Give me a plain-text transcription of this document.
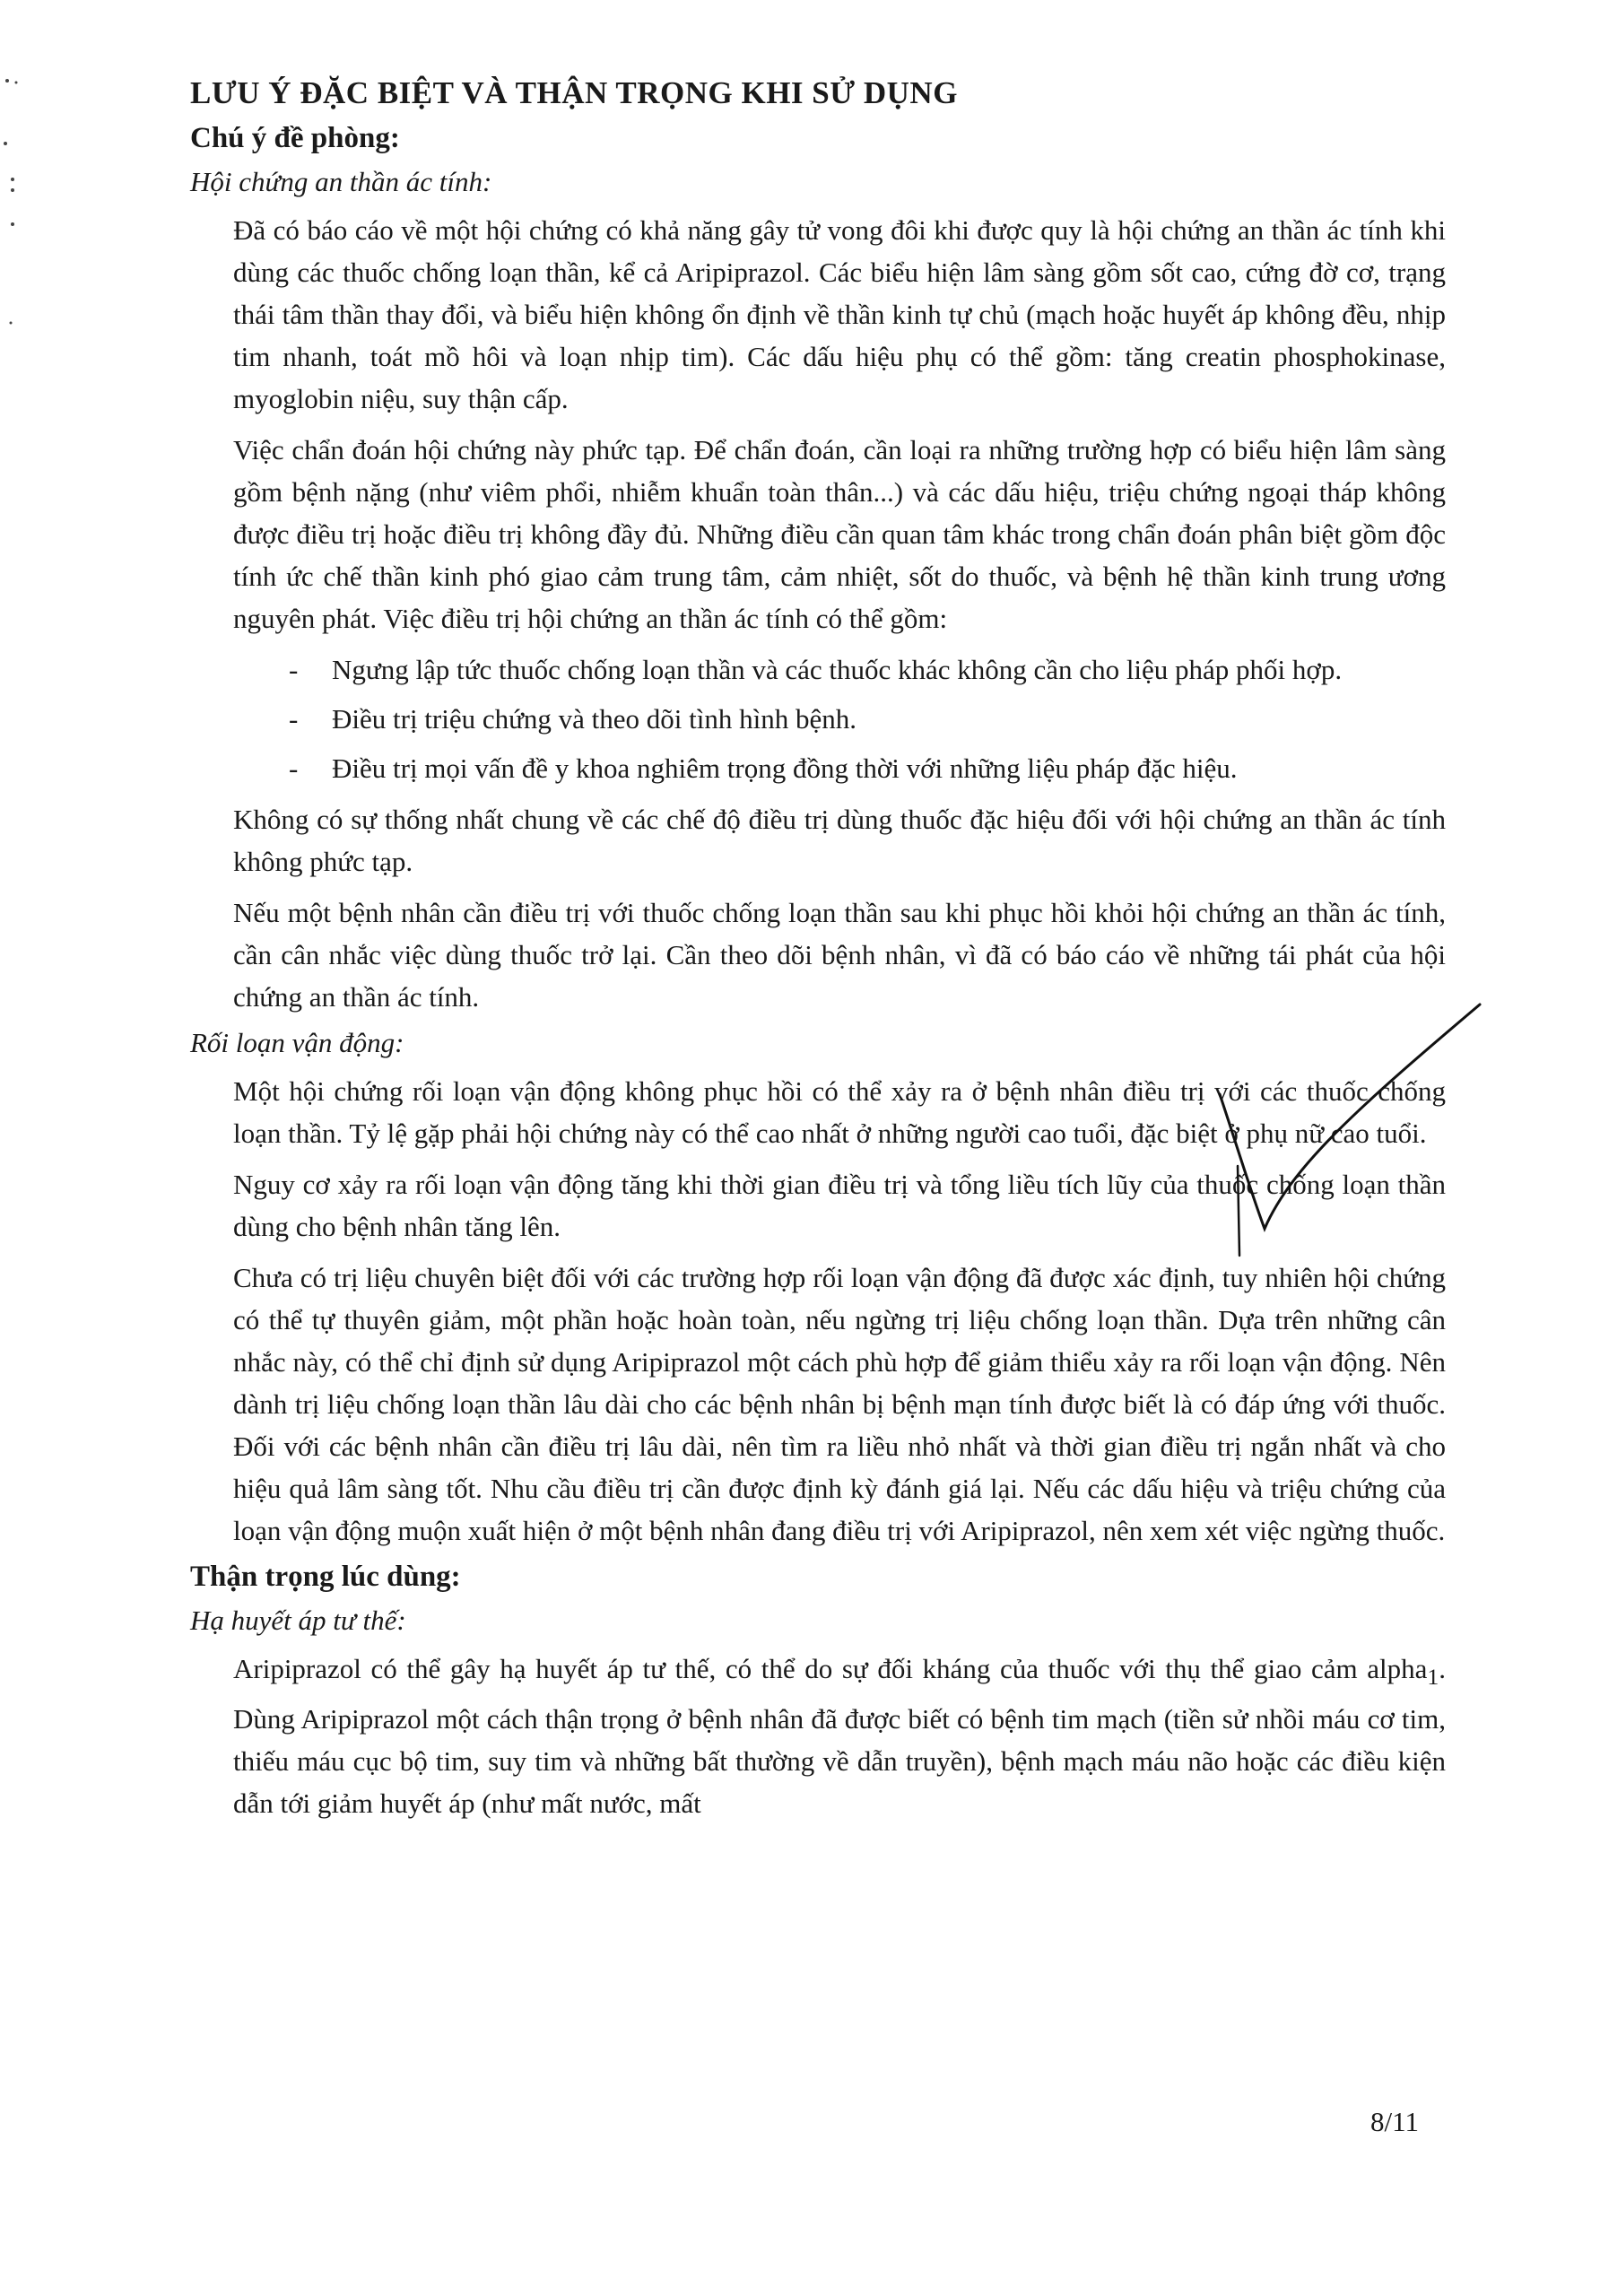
LƯU Ý ĐẶC BIỆT VÀ THẬN TRỌNG KHI SỬ DỤNG
Chú ý đề phòng:
Hội chứng an thần ác tính:

Đã có báo cáo về một hội chứng có khả năng gây tử vong đôi khi được quy là hội chứng an thần ác tính khi dùng các thuốc chống loạn thần, kể cả Aripiprazol. Các biểu hiện lâm sàng gồm sốt cao, cứng đờ cơ, trạng thái tâm thần thay đổi, và biểu hiện không ổn định về thần kinh tự chủ (mạch hoặc huyết áp không đều, nhịp tim nhanh, toát mồ hôi và loạn nhịp tim). Các dấu hiệu phụ có thể gồm: tăng creatin phosphokinase, myoglobin niệu, suy thận cấp.

Việc chẩn đoán hội chứng này phức tạp. Để chẩn đoán, cần loại ra những trường hợp có biểu hiện lâm sàng gồm bệnh nặng (như viêm phổi, nhiễm khuẩn toàn thân...) và các dấu hiệu, triệu chứng ngoại tháp không được điều trị hoặc điều trị không đầy đủ. Những điều cần quan tâm khác trong chẩn đoán phân biệt gồm độc tính ức chế thần kinh phó giao cảm trung tâm, cảm nhiệt, sốt do thuốc, và bệnh hệ thần kinh trung ương nguyên phát. Việc điều trị hội chứng an thần ác tính có thể gồm:

- Ngưng lập tức thuốc chống loạn thần và các thuốc khác không cần cho liệu pháp phối hợp.
- Điều trị triệu chứng và theo dõi tình hình bệnh.
- Điều trị mọi vấn đề y khoa nghiêm trọng đồng thời với những liệu pháp đặc hiệu.

Không có sự thống nhất chung về các chế độ điều trị dùng thuốc đặc hiệu đối với hội chứng an thần ác tính không phức tạp.

Nếu một bệnh nhân cần điều trị với thuốc chống loạn thần sau khi phục hồi khỏi hội chứng an thần ác tính, cần cân nhắc việc dùng thuốc trở lại. Cần theo dõi bệnh nhân, vì đã có báo cáo về những tái phát của hội chứng an thần ác tính.

Rối loạn vận động:

Một hội chứng rối loạn vận động không phục hồi có thể xảy ra ở bệnh nhân điều trị với các thuốc chống loạn thần. Tỷ lệ gặp phải hội chứng này có thể cao nhất ở những người cao tuổi, đặc biệt ở phụ nữ cao tuổi.

Nguy cơ xảy ra rối loạn vận động tăng khi thời gian điều trị và tổng liều tích lũy của thuốc chống loạn thần dùng cho bệnh nhân tăng lên.

Chưa có trị liệu chuyên biệt đối với các trường hợp rối loạn vận động đã được xác định, tuy nhiên hội chứng có thể tự thuyên giảm, một phần hoặc hoàn toàn, nếu ngừng trị liệu chống loạn thần. Dựa trên những cân nhắc này, có thể chỉ định sử dụng Aripiprazol một cách phù hợp để giảm thiểu xảy ra rối loạn vận động. Nên dành trị liệu chống loạn thần lâu dài cho các bệnh nhân bị bệnh mạn tính được biết là có đáp ứng với thuốc. Đối với các bệnh nhân cần điều trị lâu dài, nên tìm ra liều nhỏ nhất và thời gian điều trị ngắn nhất và cho hiệu quả lâm sàng tốt. Nhu cầu điều trị cần được định kỳ đánh giá lại. Nếu các dấu hiệu và triệu chứng của loạn vận động muộn xuất hiện ở một bệnh nhân đang điều trị với Aripiprazol, nên xem xét việc ngừng thuốc.

Thận trọng lúc dùng:
Hạ huyết áp tư thế:

Aripiprazol có thể gây hạ huyết áp tư thế, có thể do sự đối kháng của thuốc với thụ thể giao cảm alpha$_1$. Dùng Aripiprazol một cách thận trọng ở bệnh nhân đã được biết có bệnh tim mạch (tiền sử nhồi máu cơ tim, thiếu máu cục bộ tim, suy tim và những bất thường về dẫn truyền), bệnh mạch máu não hoặc các điều kiện dẫn tới giảm huyết áp (như mất nước, mất

8/11
